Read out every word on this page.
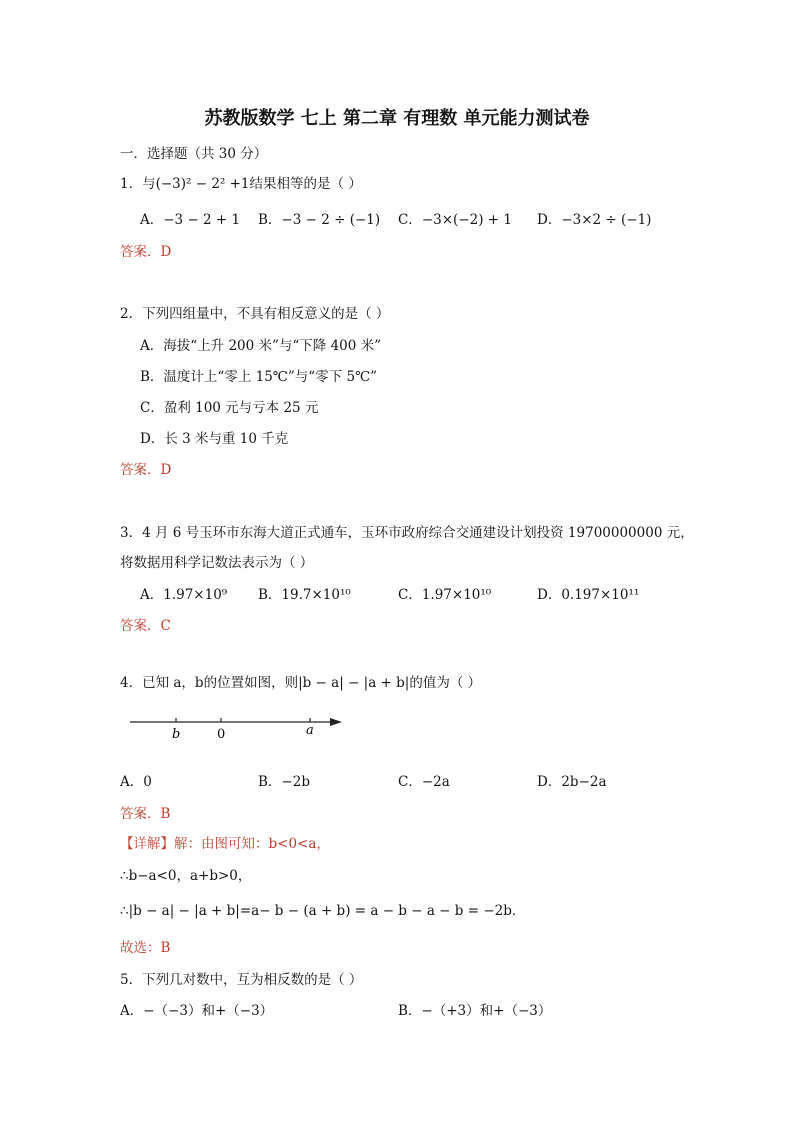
苏教版数学 七上 第二章 有理数 单元能力测试卷
一．选择题（共 30 分）
1．与(−3)² − 2² +1结果相等的是（ ）
A．−3 − 2 + 1 B．−3 − 2 ÷ (−1) C．−3×(−2) + 1 D．−3×2 ÷ (−1)
答案．D
2．下列四组量中，不具有相反意义的是（ ）
A．海拔“上升 200 米”与“下降 400 米”
B．温度计上“零上 15℃”与“零下 5℃”
C．盈利 100 元与亏本 25 元
D．长 3 米与重 10 千克
答案．D
3．4 月 6 号玉环市东海大道正式通车，玉环市政府综合交通建设计划投资 19700000000 元，
将数据用科学记数法表示为（ ）
A．1.97×10⁹ B．19.7×10¹⁰	C．1.97×10¹⁰	D．0.197×10¹¹
答案．C
4．已知 a，b的位置如图，则|b − a| − |a + b|的值为（ ）
b	0	a
A．0	B．−2b	C．−2a	D．2b−2a
答案．B
【详解】解：由图可知：b<0<a，
∴b−a<0，a+b>0，
∴|b − a| − |a + b|=a− b − (a + b) = a − b − a − b = −2b．
故选：B
5．下列几对数中，互为相反数的是（ ）
A．−（−3）和+（−3）	B．−（+3）和+（−3）
